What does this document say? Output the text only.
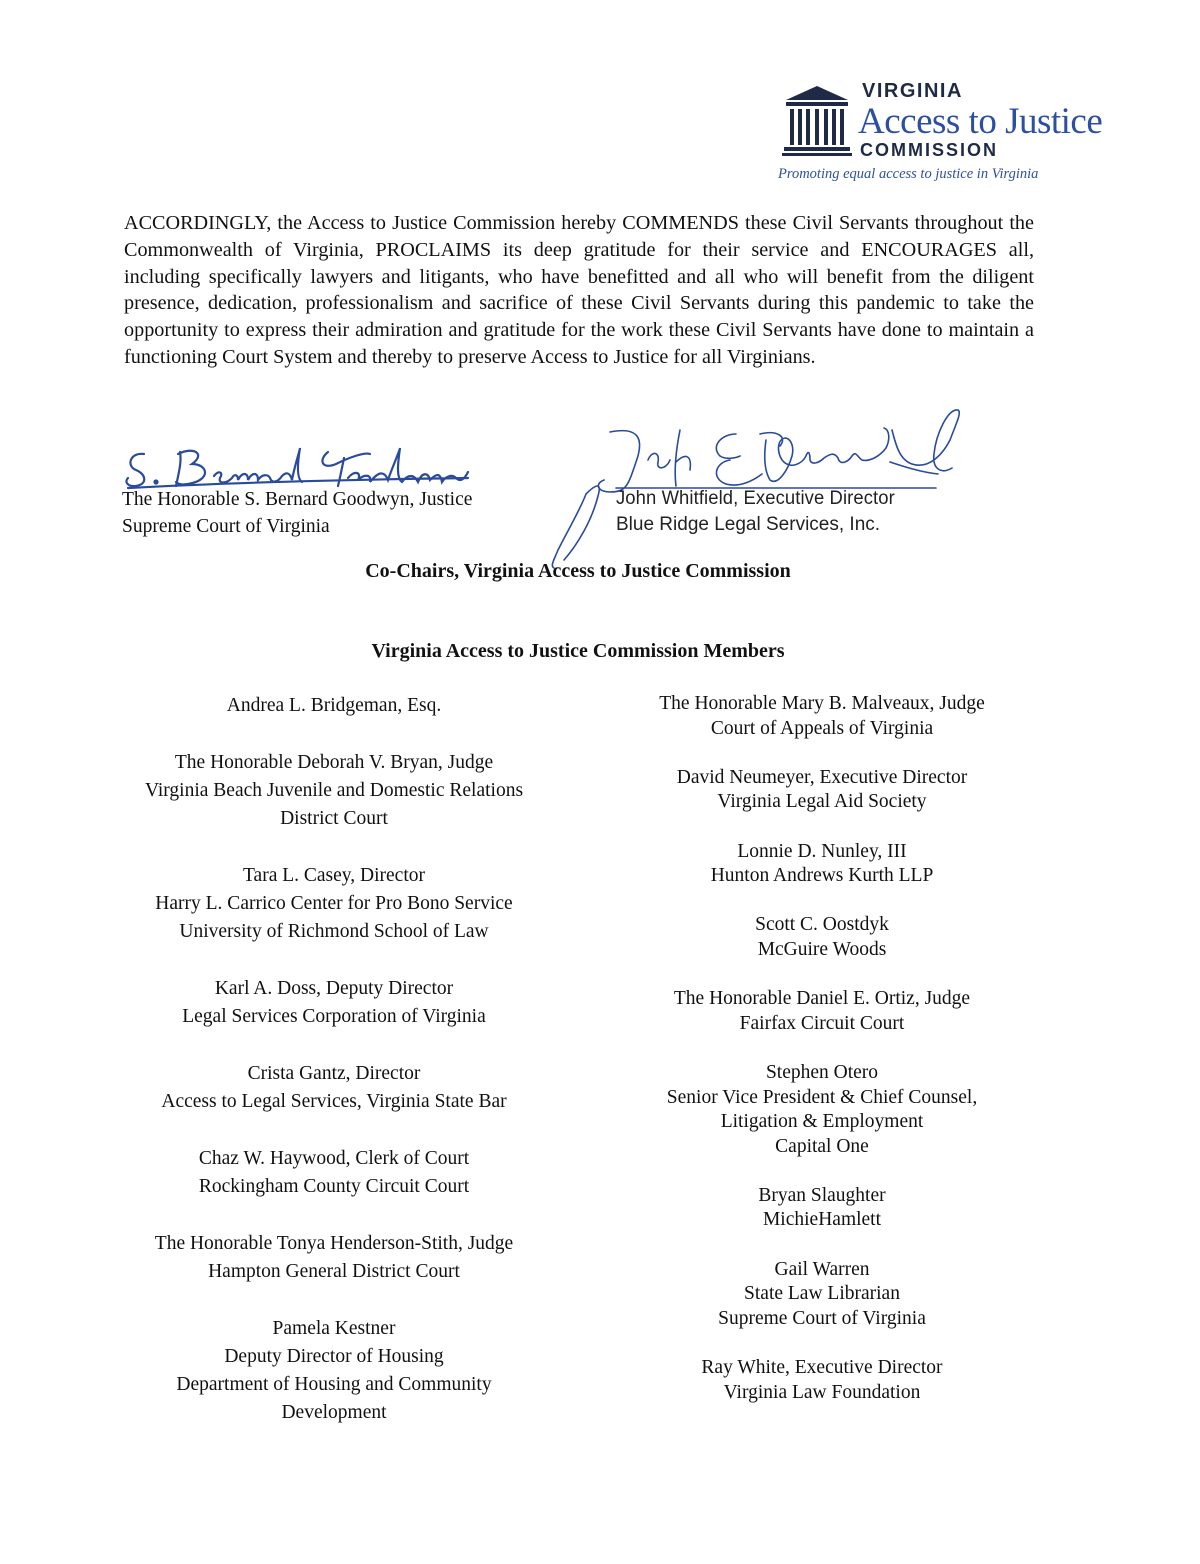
VIRGINIA
Access to Justice
COMMISSION
Promoting equal access to justice in Virginia

ACCORDINGLY, the Access to Justice Commission hereby COMMENDS these Civil Servants throughout the Commonwealth of Virginia, PROCLAIMS its deep gratitude for their service and ENCOURAGES all, including specifically lawyers and litigants, who have benefitted and all who will benefit from the diligent presence, dedication, professionalism and sacrifice of these Civil Servants during this pandemic to take the opportunity to express their admiration and gratitude for the work these Civil Servants have done to maintain a functioning Court System and thereby to preserve Access to Justice for all Virginians.

The Honorable S. Bernard Goodwyn, Justice
Supreme Court of Virginia
John Whitfield, Executive Director
Blue Ridge Legal Services, Inc.
Co-Chairs, Virginia Access to Justice Commission
Virginia Access to Justice Commission Members
Andrea L. Bridgeman, Esq.
The Honorable Deborah V. Bryan, Judge
Virginia Beach Juvenile and Domestic Relations
District Court
Tara L. Casey, Director
Harry L. Carrico Center for Pro Bono Service
University of Richmond School of Law
Karl A. Doss, Deputy Director
Legal Services Corporation of Virginia
Crista Gantz, Director
Access to Legal Services, Virginia State Bar
Chaz W. Haywood, Clerk of Court
Rockingham County Circuit Court
The Honorable Tonya Henderson-Stith, Judge
Hampton General District Court
Pamela Kestner
Deputy Director of Housing
Department of Housing and Community
Development
The Honorable Mary B. Malveaux, Judge
Court of Appeals of Virginia
David Neumeyer, Executive Director
Virginia Legal Aid Society
Lonnie D. Nunley, III
Hunton Andrews Kurth LLP
Scott C. Oostdyk
McGuire Woods
The Honorable Daniel E. Ortiz, Judge
Fairfax Circuit Court
Stephen Otero
Senior Vice President & Chief Counsel,
Litigation & Employment
Capital One
Bryan Slaughter
MichieHamlett
Gail Warren
State Law Librarian
Supreme Court of Virginia
Ray White, Executive Director
Virginia Law Foundation
